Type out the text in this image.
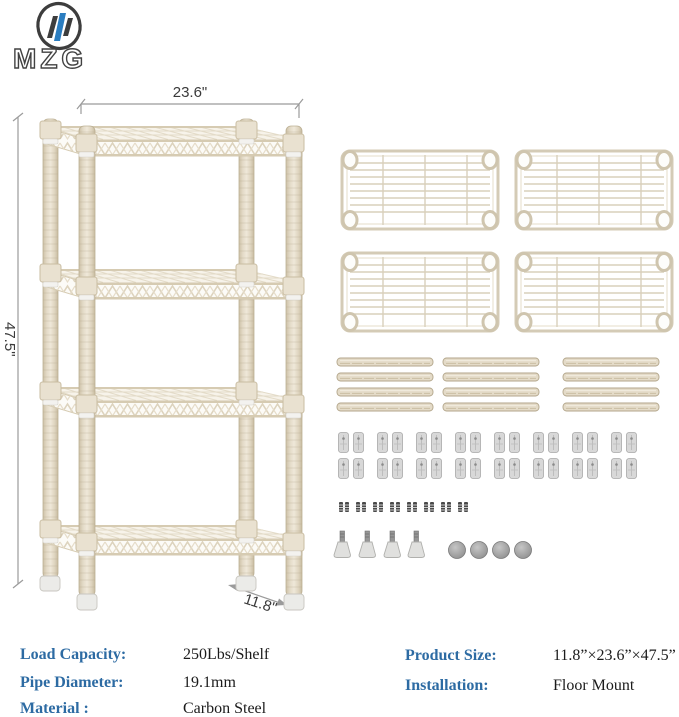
MZG
23.6"
47.5"
11.8"
Load Capacity:	250Lbs/Shelf
Pipe Diameter:	19.1mm
Material :	Carbon Steel
Product Size:	11.8”×23.6”×47.5”
Installation:	Floor Mount
